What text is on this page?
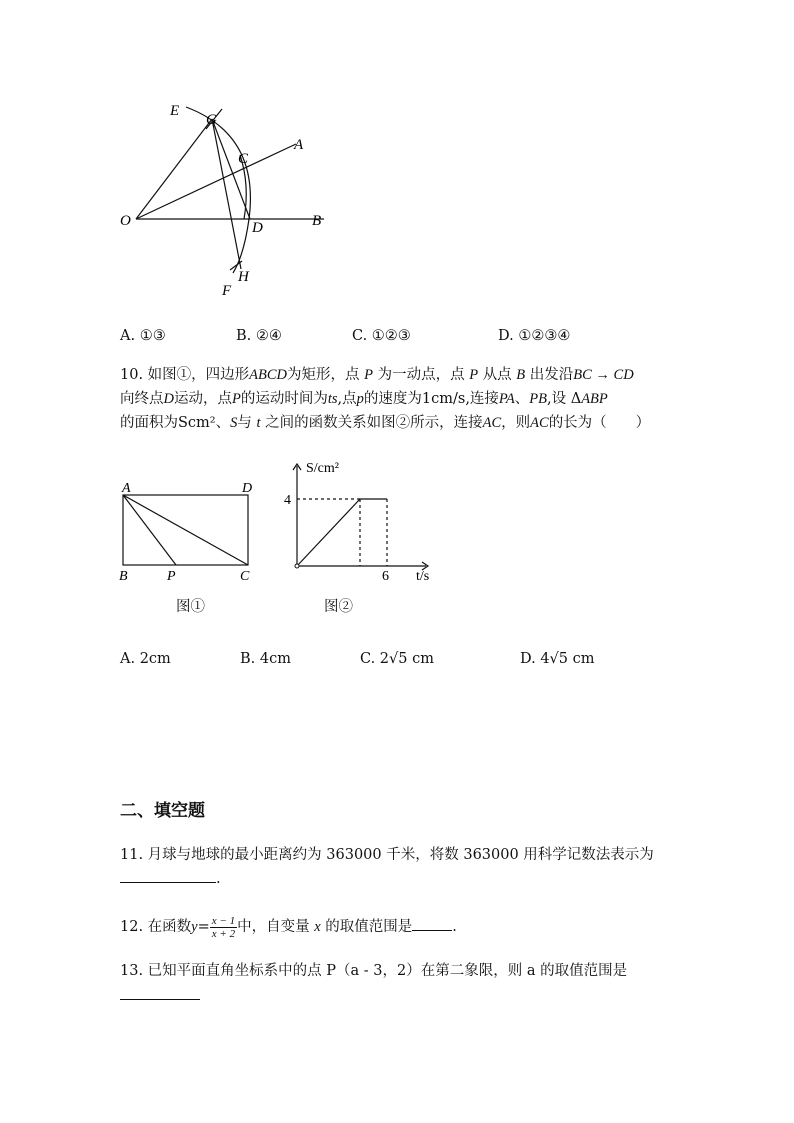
O
E
G
C
A
D	B
H
F
A. ①③	B. ②④	C. ①②③	D. ①②③④
10. 如图①，四边形ABCD为矩形，点 P 为一动点，点 P 从点 B 出发沿BC → CD
向终点D运动，点P的运动时间为ts,点p的速度为1cm/s,连接PA、PB,设 ΔABP
的面积为Scm²、S与 t 之间的函数关系如图②所示，连接AC，则AC的长为（　　）
A	D
B	P	C
图①
S/cm²
t/s
4
6
图②
A. 2cm	B. 4cm	C. 2√5 cm	D. 4√5 cm
二、填空题
11. 月球与地球的最小距离约为 363000 千米，将数 363000 用科学记数法表示为
.
12. 在函数$y= \frac{x - 1}{x + 2}$ 中，自变量 x 的取值范围是	.
13. 已知平面直角坐标系中的点 P（a - 3，2）在第二象限，则 a 的取值范围是
